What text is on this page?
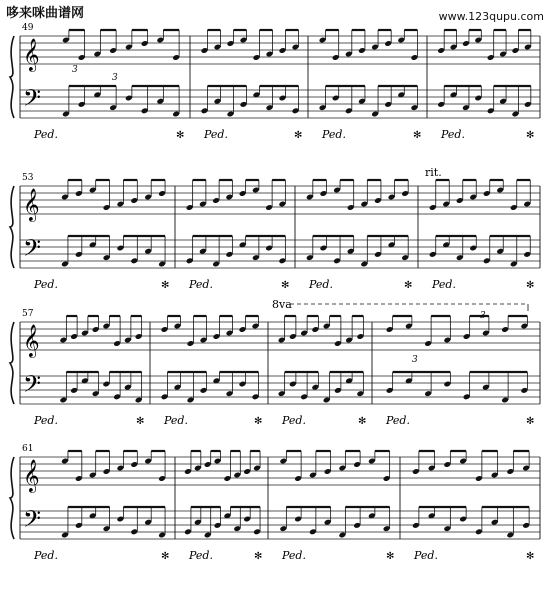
哆来咪曲谱网	www.123qupu.com
𝄞
𝄢
49
Ped.	✻ Ped.	✻ Ped.	✻ Ped.	✻
𝄞
𝄢
53
Ped.	✻ Ped.	✻ Ped.	✻ Ped.	✻
rit.
𝄞
𝄢
57
Ped.	✻ Ped.	✻ Ped.	✻ Ped.	✻
8va
𝄞
𝄢
61
Ped.	✻ Ped.	✻ Ped.	✻ Ped.	✻
3
3
3
3
